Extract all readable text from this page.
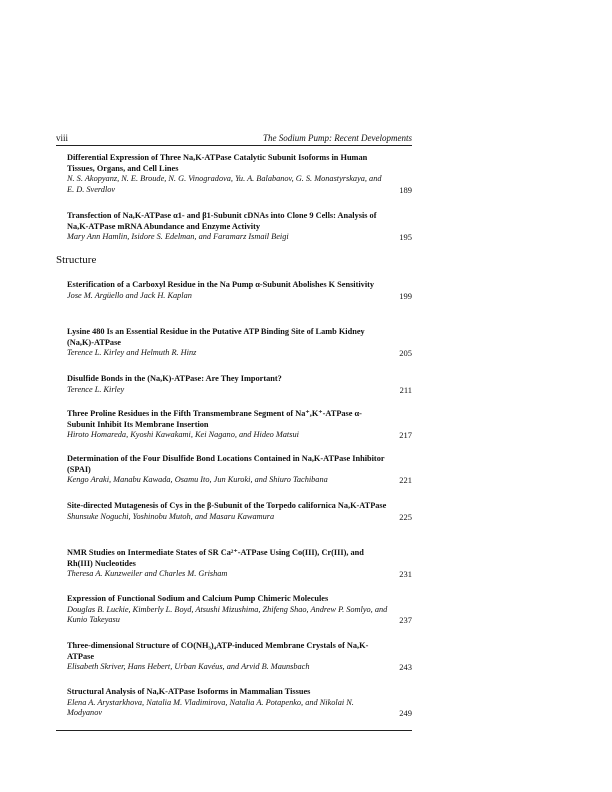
viii	The Sodium Pump: Recent Developments
Differential Expression of Three Na,K-ATPase Catalytic Subunit Isoforms in Human Tissues, Organs, and Cell Lines
N. S. Akopyanz, N. E. Broude, N. G. Vinogradova, Yu. A. Balabanov, G. S. Monastyrskaya, and E. D. Sverdlov	189
Transfection of Na,K-ATPase α1- and β1-Subunit cDNAs into Clone 9 Cells: Analysis of Na,K-ATPase mRNA Abundance and Enzyme Activity
Mary Ann Hamlin, Isidore S. Edelman, and Faramarz Ismail Beigi	195
Structure
Esterification of a Carboxyl Residue in the Na Pump α-Subunit Abolishes K Sensitivity
Jose M. Argüello and Jack H. Kaplan	199
Lysine 480 Is an Essential Residue in the Putative ATP Binding Site of Lamb Kidney (Na,K)-ATPase
Terence L. Kirley and Helmuth R. Hinz	205
Disulfide Bonds in the (Na,K)-ATPase: Are They Important?
Terence L. Kirley	211
Three Proline Residues in the Fifth Transmembrane Segment of Na⁺,K⁺-ATPase α-Subunit Inhibit Its Membrane Insertion
Hiroto Homareda, Kyoshi Kawakami, Kei Nagano, and Hideo Matsui	217
Determination of the Four Disulfide Bond Locations Contained in Na,K-ATPase Inhibitor (SPAI)
Kengo Araki, Manabu Kawada, Osamu Ito, Jun Kuroki, and Shiuro Tachibana	221
Site-directed Mutagenesis of Cys in the β-Subunit of the Torpedo californica Na,K-ATPase
Shunsuke Noguchi, Yoshinobu Mutoh, and Masaru Kawamura	225
NMR Studies on Intermediate States of SR Ca²⁺-ATPase Using Co(III), Cr(III), and Rh(III) Nucleotides
Theresa A. Kunzweiler and Charles M. Grisham	231
Expression of Functional Sodium and Calcium Pump Chimeric Molecules
Douglas B. Luckie, Kimberly L. Boyd, Atsushi Mizushima, Zhifeng Shao, Andrew P. Somlyo, and Kunio Takeyasu	237
Three-dimensional Structure of CO(NH₃)₄ATP-induced Membrane Crystals of Na,K-ATPase
Elisabeth Skriver, Hans Hebert, Urban Kavéus, and Arvid B. Maunsbach	243
Structural Analysis of Na,K-ATPase Isoforms in Mammalian Tissues
Elena A. Arystarkhova, Natalia M. Vladimirova, Natalia A. Potapenko, and Nikolai N. Modyanov	249
